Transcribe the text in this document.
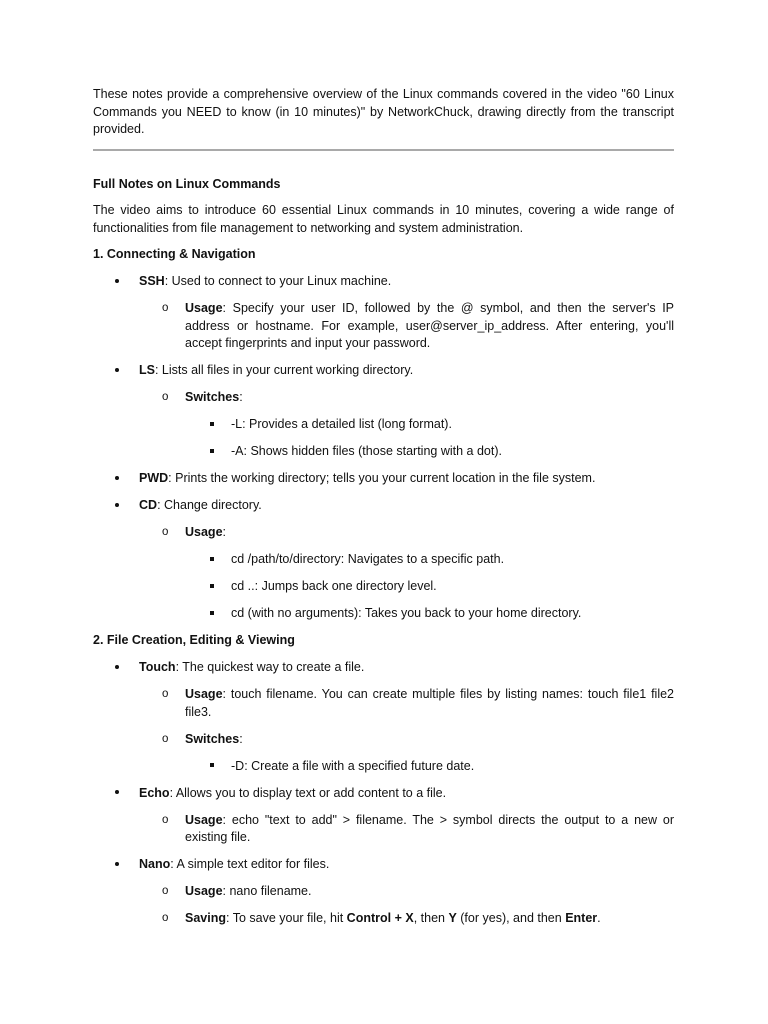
These notes provide a comprehensive overview of the Linux commands covered in the video "60 Linux Commands you NEED to know (in 10 minutes)" by NetworkChuck, drawing directly from the transcript provided.

Full Notes on Linux Commands

The video aims to introduce 60 essential Linux commands in 10 minutes, covering a wide range of functionalities from file management to networking and system administration.

1. Connecting & Navigation

SSH: Used to connect to your Linux machine.
o Usage: Specify your user ID, followed by the @ symbol, and then the server's IP address or hostname. For example, user@server_ip_address. After entering, you'll accept fingerprints and input your password.
LS: Lists all files in your current working directory.
o Switches:
-L: Provides a detailed list (long format).
-A: Shows hidden files (those starting with a dot).
PWD: Prints the working directory; tells you your current location in the file system.
CD: Change directory.
o Usage:
cd /path/to/directory: Navigates to a specific path.
cd ..: Jumps back one directory level.
cd (with no arguments): Takes you back to your home directory.

2. File Creation, Editing & Viewing

Touch: The quickest way to create a file.
o Usage: touch filename. You can create multiple files by listing names: touch file1 file2 file3.
o Switches:
-D: Create a file with a specified future date.
Echo: Allows you to display text or add content to a file.
o Usage: echo "text to add" > filename. The > symbol directs the output to a new or existing file.
Nano: A simple text editor for files.
o Usage: nano filename.
o Saving: To save your file, hit Control + X, then Y (for yes), and then Enter.
